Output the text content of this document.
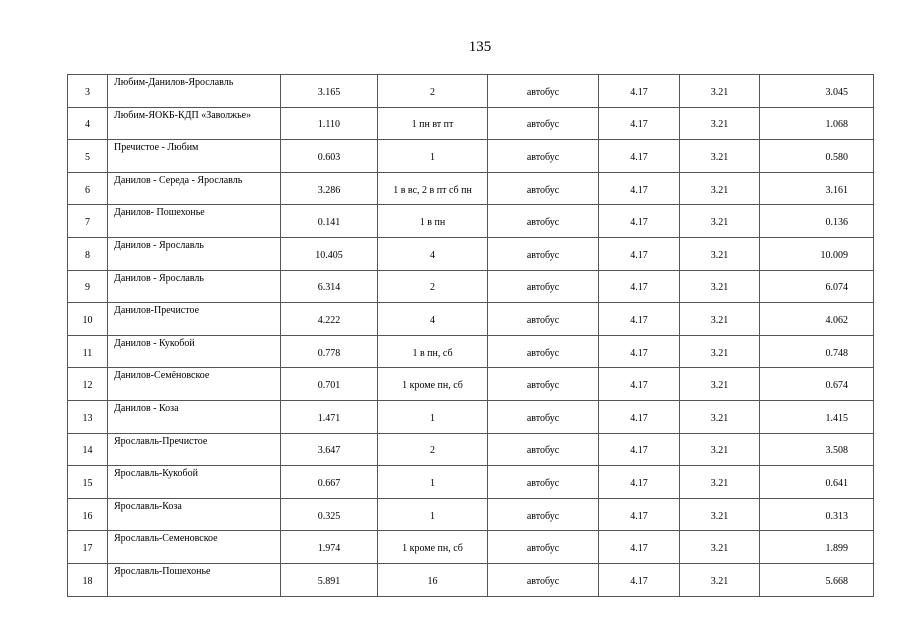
135
3	Любим-Данилов-Ярославль	3.165	2	автобус	4.17	3.21	3.045
4	Любим-ЯОКБ-КДП «Заволжье»	1.110	1 пн вт пт	автобус	4.17	3.21	1.068
5	Пречистое - Любим	0.603	1	автобус	4.17	3.21	0.580
6	Данилов - Середа - Ярославль	3.286	1 в вс, 2 в пт сб пн	автобус	4.17	3.21	3.161
7	Данилов- Пошехонье	0.141	1 в пн	автобус	4.17	3.21	0.136
8	Данилов - Ярославль	10.405	4	автобус	4.17	3.21	10.009
9	Данилов - Ярославль	6.314	2	автобус	4.17	3.21	6.074
10	Данилов-Пречистое	4.222	4	автобус	4.17	3.21	4.062
11	Данилов - Кукобой	0.778	1 в пн, сб	автобус	4.17	3.21	0.748
12	Данилов-Семёновское	0.701	1 кроме пн, сб	автобус	4.17	3.21	0.674
13	Данилов - Коза	1.471	1	автобус	4.17	3.21	1.415
14	Ярославль-Пречистое	3.647	2	автобус	4.17	3.21	3.508
15	Ярославль-Кукобой	0.667	1	автобус	4.17	3.21	0.641
16	Ярославль-Коза	0.325	1	автобус	4.17	3.21	0.313
17	Ярославль-Семеновское	1.974	1 кроме пн, сб	автобус	4.17	3.21	1.899
18	Ярославль-Пошехонье	5.891	16	автобус	4.17	3.21	5.668
